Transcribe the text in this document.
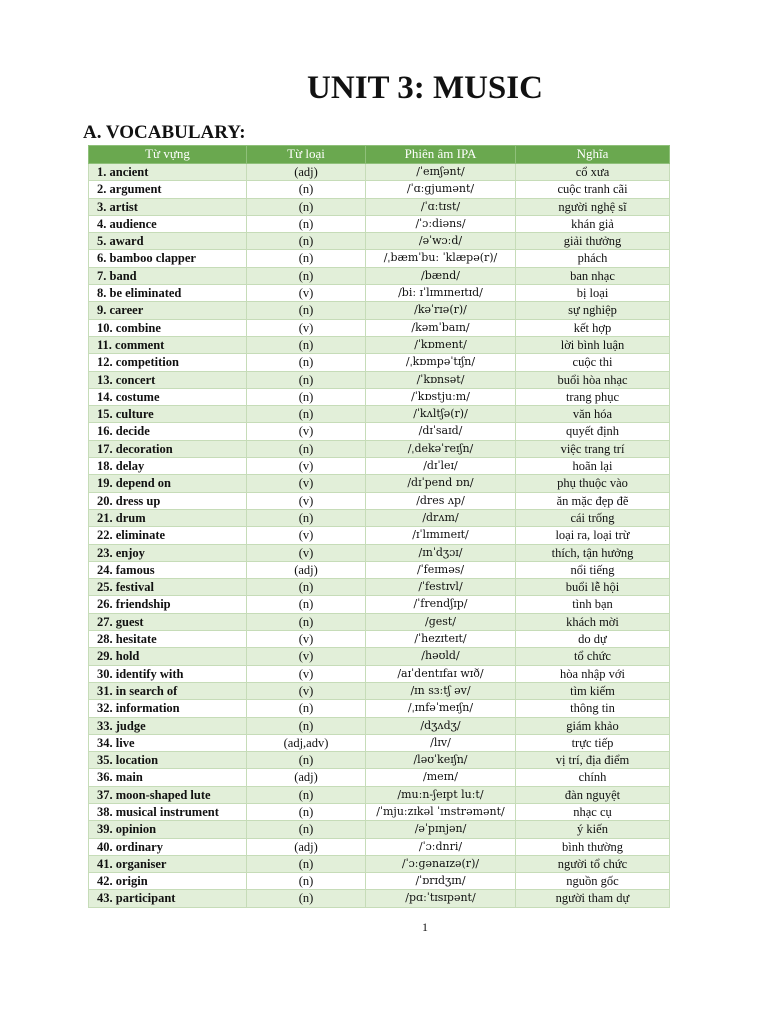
UNIT 3: MUSIC
A. VOCABULARY:
Từ vựng	Từ loại	Phiên âm IPA	Nghĩa
1. ancient	(adj)	/ˈeɪnʃənt/	cổ xưa
2. argument	(n)	/ˈɑːɡjumənt/	cuộc tranh cãi
3. artist	(n)	/ˈɑːtɪst/	người nghệ sĩ
4. audience	(n)	/ˈɔːdiəns/	khán giả
5. award	(n)	/əˈwɔːd/	giải thưởng
6. bamboo clapper	(n)	/ˌbæmˈbuː ˈklæpə(r)/	phách
7. band	(n)	/bænd/	ban nhạc
8. be eliminated	(v)	/biː ɪˈlɪmɪneɪtɪd/	bị loại
9. career	(n)	/kəˈrɪə(r)/	sự nghiệp
10. combine	(v)	/kəmˈbaɪn/	kết hợp
11. comment	(n)	/ˈkɒment/	lời bình luận
12. competition	(n)	/ˌkɒmpəˈtɪʃn/	cuộc thi
13. concert	(n)	/ˈkɒnsət/	buổi hòa nhạc
14. costume	(n)	/ˈkɒstjuːm/	trang phục
15. culture	(n)	/ˈkʌltʃə(r)/	văn hóa
16. decide	(v)	/dɪˈsaɪd/	quyết định
17. decoration	(n)	/ˌdekəˈreɪʃn/	việc trang trí
18. delay	(v)	/dɪˈleɪ/	hoãn lại
19. depend on	(v)	/dɪˈpend ɒn/	phụ thuộc vào
20. dress up	(v)	/dres ʌp/	ăn mặc đẹp đẽ
21. drum	(n)	/drʌm/	cái trống
22. eliminate	(v)	/ɪˈlɪmɪneɪt/	loại ra, loại trừ
23. enjoy	(v)	/ɪnˈdʒɔɪ/	thích, tận hưởng
24. famous	(adj)	/ˈfeɪməs/	nổi tiếng
25. festival	(n)	/ˈfestɪvl/	buổi lễ hội
26. friendship	(n)	/ˈfrendʃɪp/	tình bạn
27. guest	(n)	/ɡest/	khách mời
28. hesitate	(v)	/ˈhezɪteɪt/	do dự
29. hold	(v)	/həʊld/	tổ chức
30. identify with	(v)	/aɪˈdentɪfaɪ wɪð/	hòa nhập với
31. in search of	(v)	/ɪn sɜːtʃ əv/	tìm kiếm
32. information	(n)	/ˌɪnfəˈmeɪʃn/	thông tin
33. judge	(n)	/dʒʌdʒ/	giám khảo
34. live	(adj,adv)	/lɪv/	trực tiếp
35. location	(n)	/ləʊˈkeɪʃn/	vị trí, địa điểm
36. main	(adj)	/meɪn/	chính
37. moon-shaped lute	(n)	/muːn-ʃeɪpt luːt/	đàn nguyệt
38. musical instrument	(n)	/ˈmjuːzɪkəl ˈɪnstrəmənt/	nhạc cụ
39. opinion	(n)	/əˈpɪnjən/	ý kiến
40. ordinary	(adj)	/ˈɔːdnri/	bình thường
41. organiser	(n)	/ˈɔːɡənaɪzə(r)/	người tổ chức
42. origin	(n)	/ˈɒrɪdʒɪn/	nguồn gốc
43. participant	(n)	/pɑːˈtɪsɪpənt/	người tham dự
1
